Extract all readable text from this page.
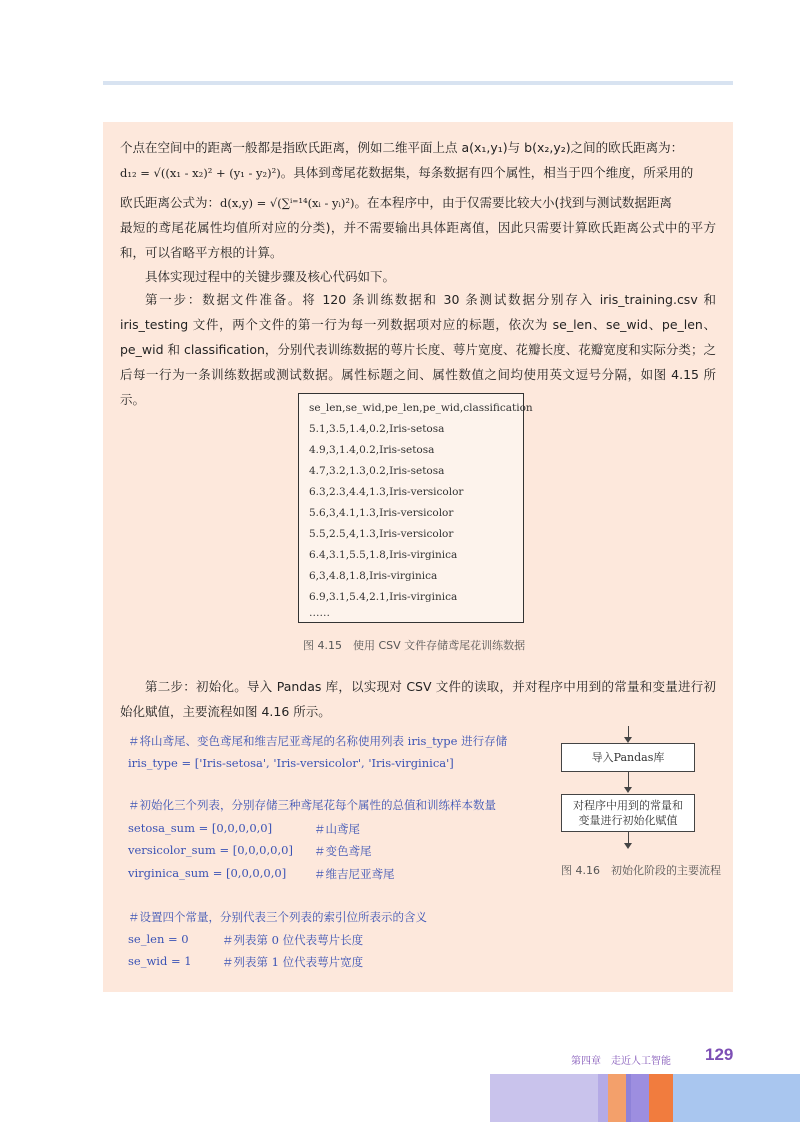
个点在空间中的距离一般都是指欧氏距离，例如二维平面上点 a(x₁,y₁)与 b(x₂,y₂)之间的欧氏距离为：

d₁₂ = √((x₁ - x₂)² + (y₁ - y₂)²)。具体到鸢尾花数据集，每条数据有四个属性，相当于四个维度，所采用的

欧氏距离公式为：d(x,y) = √(∑ⁱ⁼¹⁴(xᵢ - yᵢ)²)。在本程序中，由于仅需要比较大小(找到与测试数据距离

最短的鸢尾花属性均值所对应的分类)，并不需要输出具体距离值，因此只需要计算欧氏距离公式中的平方和，可以省略平方根的计算。

具体实现过程中的关键步骤及核心代码如下。

第一步：数据文件准备。将 120 条训练数据和 30 条测试数据分别存入 iris_training.csv 和 iris_testing 文件，两个文件的第一行为每一列数据项对应的标题，依次为 se_len、se_wid、pe_len、pe_wid 和 classification，分别代表训练数据的萼片长度、萼片宽度、花瓣长度、花瓣宽度和实际分类；之后每一行为一条训练数据或测试数据。属性标题之间、属性数值之间均使用英文逗号分隔，如图 4.15 所示。

se_len,se_wid,pe_len,pe_wid,classification
5.1,3.5,1.4,0.2,Iris-setosa
4.9,3,1.4,0.2,Iris-setosa
4.7,3.2,1.3,0.2,Iris-setosa
6.3,2.3,4.4,1.3,Iris-versicolor
5.6,3,4.1,1.3,Iris-versicolor
5.5,2.5,4,1.3,Iris-versicolor
6.4,3.1,5.5,1.8,Iris-virginica
6,3,4.8,1.8,Iris-virginica
6.9,3.1,5.4,2.1,Iris-virginica
……
图 4.15　使用 CSV 文件存储鸢尾花训练数据

第二步：初始化。导入 Pandas 库，以实现对 CSV 文件的读取，并对程序中用到的常量和变量进行初始化赋值，主要流程如图 4.16 所示。

＃将山鸢尾、变色鸢尾和维吉尼亚鸢尾的名称使用列表 iris_type 进行存储
iris_type = ['Iris-setosa', 'Iris-versicolor', 'Iris-virginica']
＃初始化三个列表，分别存储三种鸢尾花每个属性的总值和训练样本数量
setosa_sum = [0,0,0,0,0]	＃山鸢尾
versicolor_sum = [0,0,0,0,0] ＃变色鸢尾
virginica_sum = [0,0,0,0,0] ＃维吉尼亚鸢尾
＃设置四个常量，分别代表三个列表的索引位所表示的含义
se_len = 0	＃列表第 0 位代表萼片长度
se_wid = 1	＃列表第 1 位代表萼片宽度
导入Pandas库
对程序中用到的常量和
变量进行初始化赋值
图 4.16　初始化阶段的主要流程
第四章　走近人工智能 129
